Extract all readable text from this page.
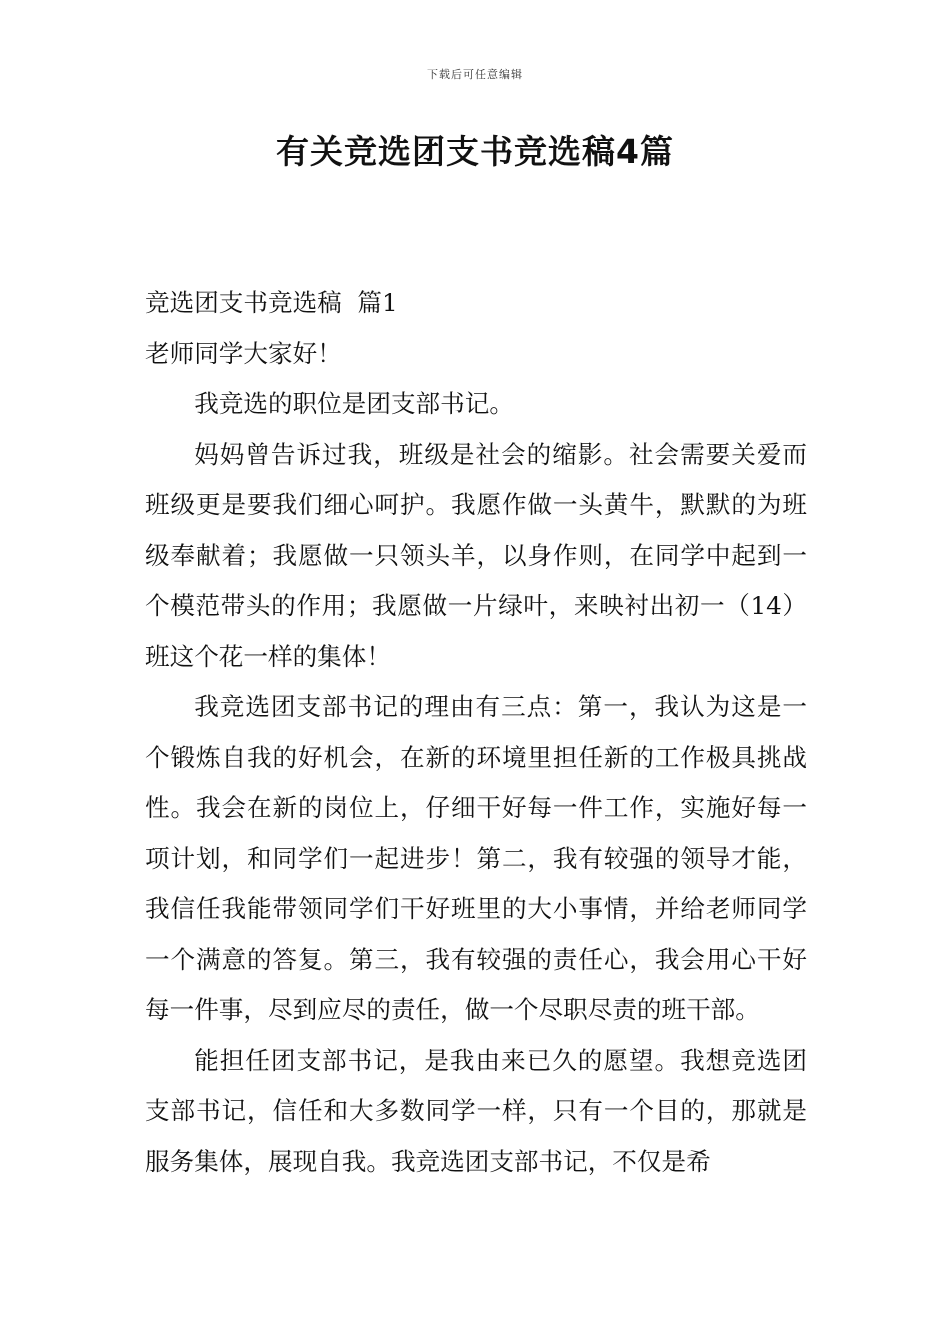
下载后可任意编辑
有关竞选团支书竞选稿4篇

竞选团支书竞选稿  篇1

老师同学大家好！

我竞选的职位是团支部书记。

妈妈曾告诉过我，班级是社会的缩影。社会需要关爱而班级更是要我们细心呵护。我愿作做一头黄牛，默默的为班级奉献着；我愿做一只领头羊，以身作则，在同学中起到一个模范带头的作用；我愿做一片绿叶，来映衬出初一（14）班这个花一样的集体！

我竞选团支部书记的理由有三点：第一，我认为这是一个锻炼自我的好机会，在新的环境里担任新的工作极具挑战性。我会在新的岗位上，仔细干好每一件工作，实施好每一项计划，和同学们一起进步！第二，我有较强的领导才能，我信任我能带领同学们干好班里的大小事情，并给老师同学一个满意的答复。第三，我有较强的责任心，我会用心干好每一件事，尽到应尽的责任，做一个尽职尽责的班干部。

能担任团支部书记，是我由来已久的愿望。我想竞选团支部书记，信任和大多数同学一样，只有一个目的，那就是服务集体，展现自我。我竞选团支部书记，不仅是希
